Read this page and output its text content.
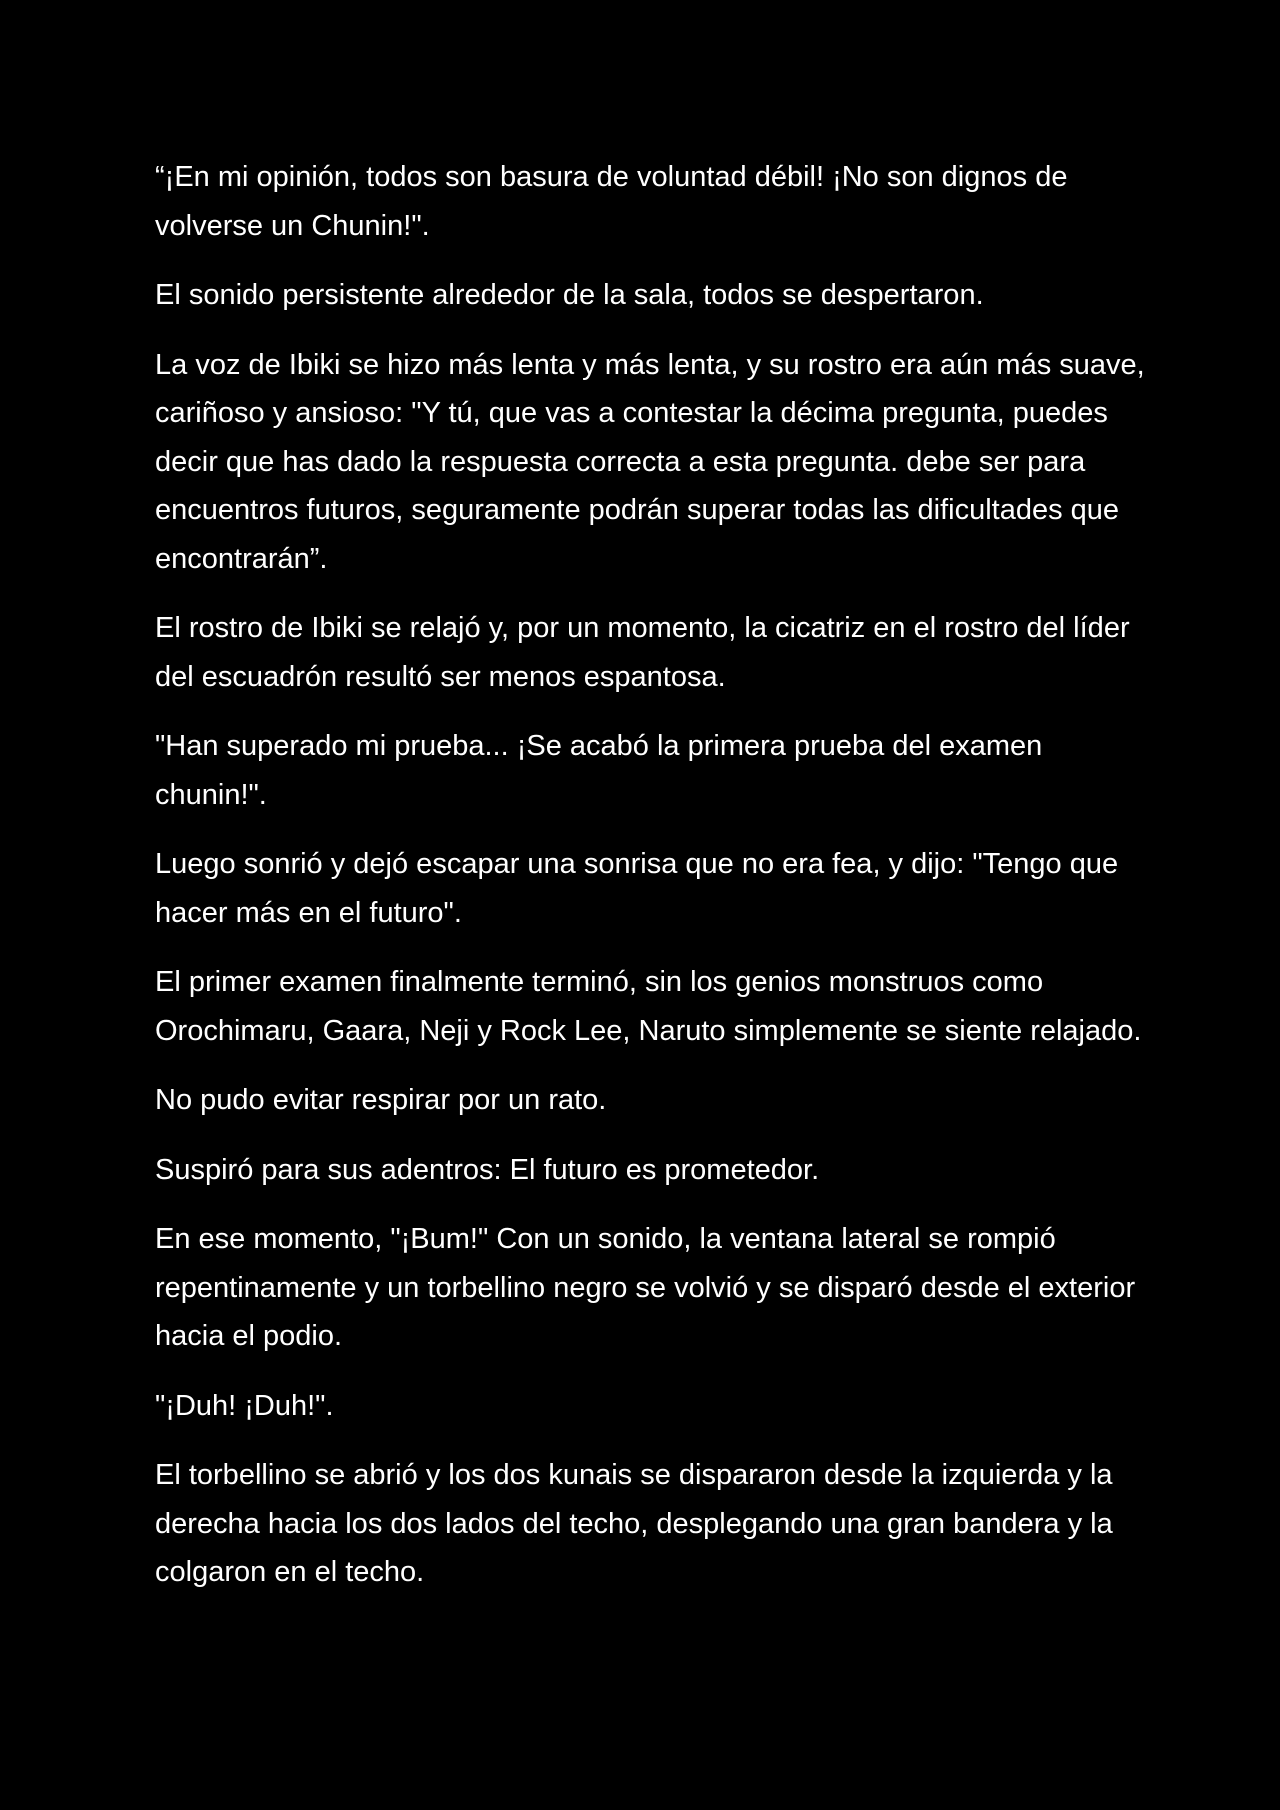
“¡En mi opinión, todos son basura de voluntad débil! ¡No son dignos de volverse un Chunin!".

El sonido persistente alrededor de la sala, todos se despertaron.

La voz de Ibiki se hizo más lenta y más lenta, y su rostro era aún más suave, cariñoso y ansioso: "Y tú, que vas a contestar la décima pregunta, puedes decir que has dado la respuesta correcta a esta pregunta. debe ser para encuentros futuros, seguramente podrán superar todas las dificultades que encontrarán”.

El rostro de Ibiki se relajó y, por un momento, la cicatriz en el rostro del líder del escuadrón resultó ser menos espantosa.

"Han superado mi prueba... ¡Se acabó la primera prueba del examen chunin!".

Luego sonrió y dejó escapar una sonrisa que no era fea, y dijo: "Tengo que hacer más en el futuro".

El primer examen finalmente terminó, sin los genios monstruos como Orochimaru, Gaara, Neji y Rock Lee, Naruto simplemente se siente relajado.

No pudo evitar respirar por un rato.

Suspiró para sus adentros: El futuro es prometedor.

En ese momento, "¡Bum!" Con un sonido, la ventana lateral se rompió repentinamente y un torbellino negro se volvió y se disparó desde el exterior hacia el podio.

"¡Duh! ¡Duh!".

El torbellino se abrió y los dos kunais se dispararon desde la izquierda y la derecha hacia los dos lados del techo, desplegando una gran bandera y la colgaron en el techo.
